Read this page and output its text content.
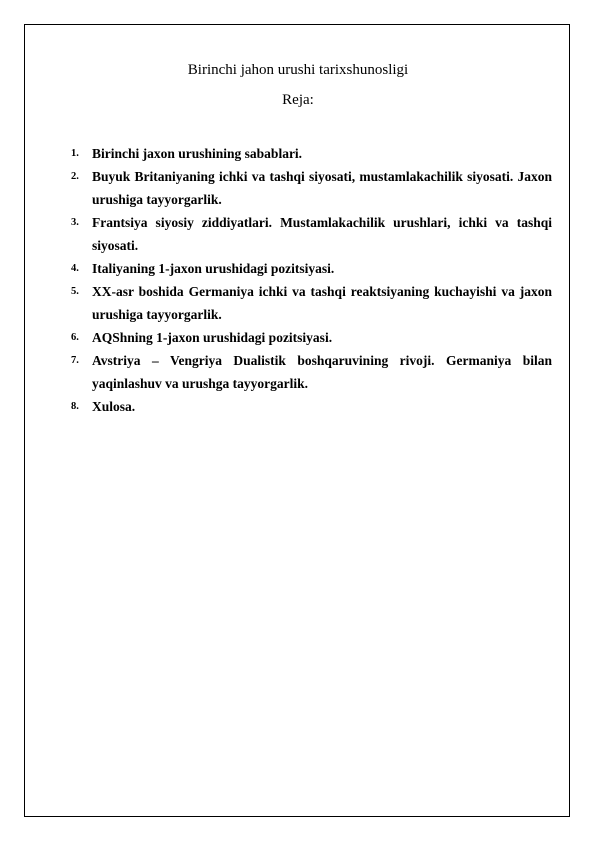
Birinchi jahon urushi tarixshunosligi
Reja:
1. Birinchi jaxon urushining sabablari.
2. Buyuk Britaniyaning ichki va tashqi siyosati, mustamlakachilik siyosati. Jaxon urushiga tayyorgarlik.
3. Frantsiya siyosiy ziddiyatlari. Mustamlakachilik urushlari, ichki va tashqi siyosati.
4. Italiyaning 1-jaxon urushidagi pozitsiyasi.
5. XX-asr boshida Germaniya ichki va tashqi reaktsiyaning kuchayishi va jaxon urushiga tayyorgarlik.
6. AQShning 1-jaxon urushidagi pozitsiyasi.
7. Avstriya – Vengriya Dualistik boshqaruvining rivoji. Germaniya bilan yaqinlashuv va urushga tayyorgarlik.
8. Xulosa.
